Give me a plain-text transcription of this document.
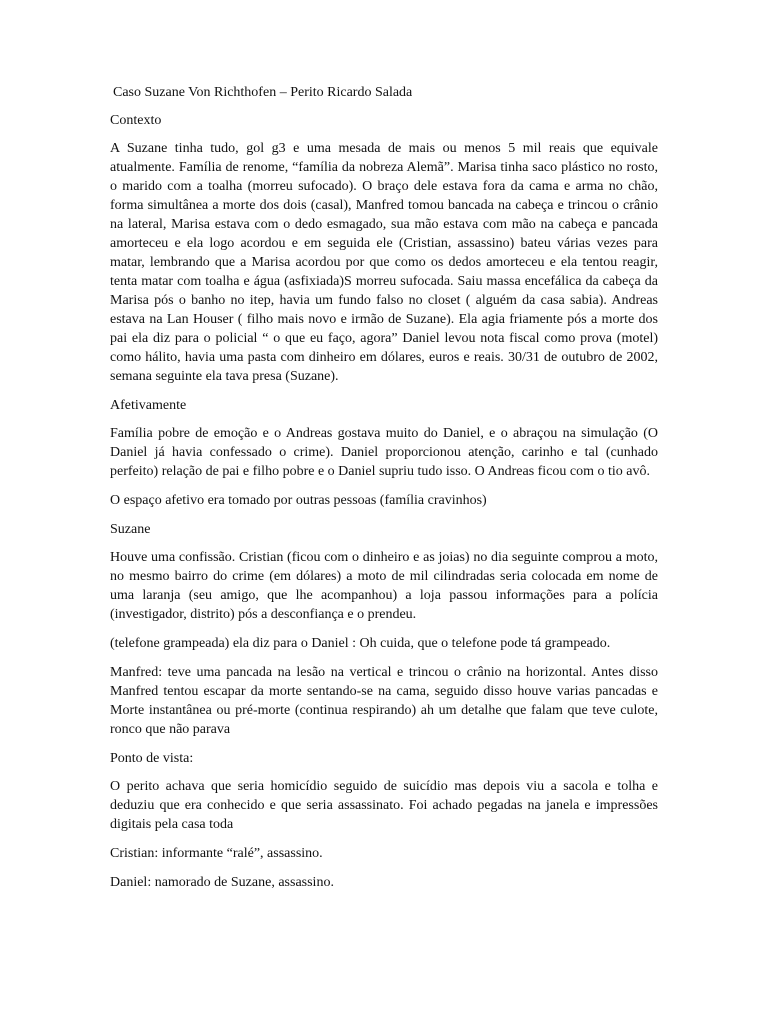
Caso Suzane Von Richthofen – Perito Ricardo Salada

Contexto

A Suzane tinha tudo, gol g3 e uma mesada de mais ou menos 5 mil reais que equivale atualmente. Família de renome, “família da nobreza Alemã”. Marisa tinha saco plástico no rosto, o marido com a toalha (morreu sufocado). O braço dele estava fora da cama e arma no chão, forma simultânea a morte dos dois (casal), Manfred tomou bancada na cabeça e trincou o crânio na lateral, Marisa estava com o dedo esmagado, sua mão estava com mão na cabeça e pancada amorteceu e ela logo acordou e em seguida ele (Cristian, assassino) bateu várias vezes para matar, lembrando que a Marisa acordou por que como os dedos amorteceu e ela tentou reagir, tenta matar com toalha e água (asfixiada)S morreu sufocada. Saiu massa encefálica da cabeça da Marisa pós o banho no itep, havia um fundo falso no closet ( alguém da casa sabia). Andreas estava na Lan Houser ( filho mais novo e irmão de Suzane). Ela agia friamente pós a morte dos pai ela diz para o policial “ o que eu faço, agora” Daniel levou nota fiscal como prova (motel) como hálito, havia uma pasta com dinheiro em dólares, euros e reais. 30/31 de outubro de 2002, semana seguinte ela tava presa (Suzane).

Afetivamente

Família pobre de emoção e o Andreas gostava muito do Daniel, e o abraçou na simulação (O Daniel já havia confessado o crime). Daniel proporcionou atenção, carinho e tal (cunhado perfeito) relação de pai e filho pobre e o Daniel supriu tudo isso. O Andreas ficou com o tio avô.

O espaço afetivo era tomado por outras pessoas (família cravinhos)

Suzane

Houve uma confissão. Cristian (ficou com o dinheiro e as joias) no dia seguinte comprou a moto, no mesmo bairro do crime (em dólares) a moto de mil cilindradas seria colocada em nome de uma laranja (seu amigo, que lhe acompanhou) a loja passou informações para a polícia (investigador, distrito) pós a desconfiança e o prendeu.

(telefone grampeada) ela diz para o Daniel : Oh cuida, que o telefone pode tá grampeado.

Manfred: teve uma pancada na lesão na vertical e trincou o crânio na horizontal. Antes disso Manfred tentou escapar da morte sentando-se na cama, seguido disso houve varias pancadas e Morte instantânea ou pré-morte (continua respirando) ah um detalhe que falam que teve culote, ronco que não parava

Ponto de vista:

O perito achava que seria homicídio seguido de suicídio mas depois viu a sacola e tolha e deduziu que era conhecido e que seria assassinato. Foi achado pegadas na janela e impressões digitais pela casa toda

Cristian: informante “ralé”, assassino.

Daniel: namorado de Suzane, assassino.
